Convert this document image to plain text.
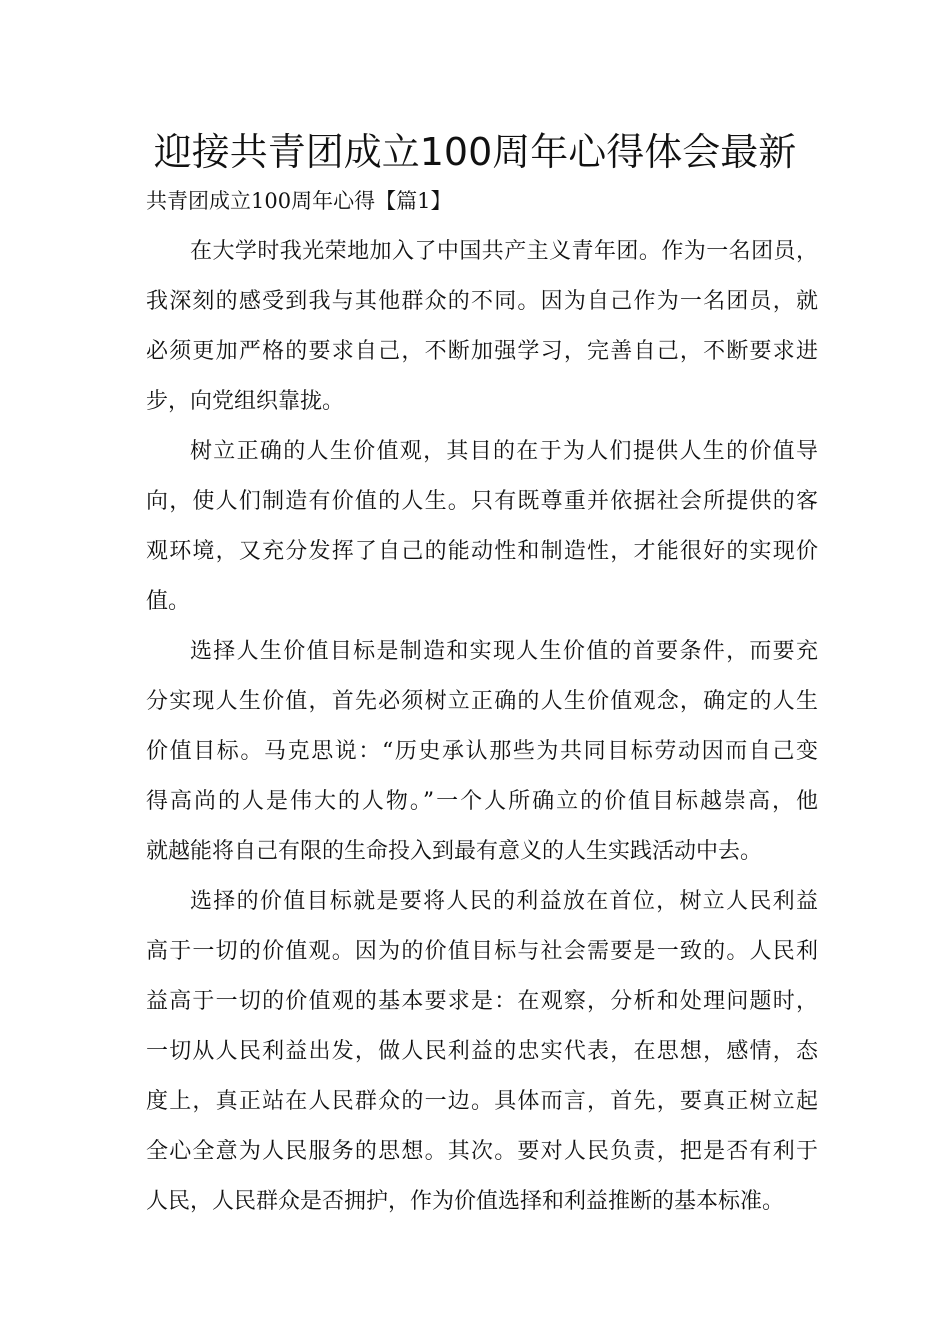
迎接共青团成立100周年心得体会最新
共青团成立100周年心得【篇1】

在大学时我光荣地加入了中国共产主义青年团。作为一名团员，
我深刻的感受到我与其他群众的不同。因为自己作为一名团员，就
必须更加严格的要求自己，不断加强学习，完善自己，不断要求进
步，向党组织靠拢。

树立正确的人生价值观，其目的在于为人们提供人生的价值导
向，使人们制造有价值的人生。只有既尊重并依据社会所提供的客
观环境，又充分发挥了自己的能动性和制造性，才能很好的实现价
值。

选择人生价值目标是制造和实现人生价值的首要条件，而要充
分实现人生价值，首先必须树立正确的人生价值观念，确定的人生
价值目标。马克思说：“历史承认那些为共同目标劳动因而自己变
得高尚的人是伟大的人物。”一个人所确立的价值目标越崇高，他
就越能将自己有限的生命投入到最有意义的人生实践活动中去。

选择的价值目标就是要将人民的利益放在首位，树立人民利益
高于一切的价值观。因为的价值目标与社会需要是一致的。人民利
益高于一切的价值观的基本要求是：在观察，分析和处理问题时，
一切从人民利益出发，做人民利益的忠实代表，在思想，感情，态
度上，真正站在人民群众的一边。具体而言，首先，要真正树立起
全心全意为人民服务的思想。其次。要对人民负责，把是否有利于
人民，人民群众是否拥护，作为价值选择和利益推断的基本标准。
